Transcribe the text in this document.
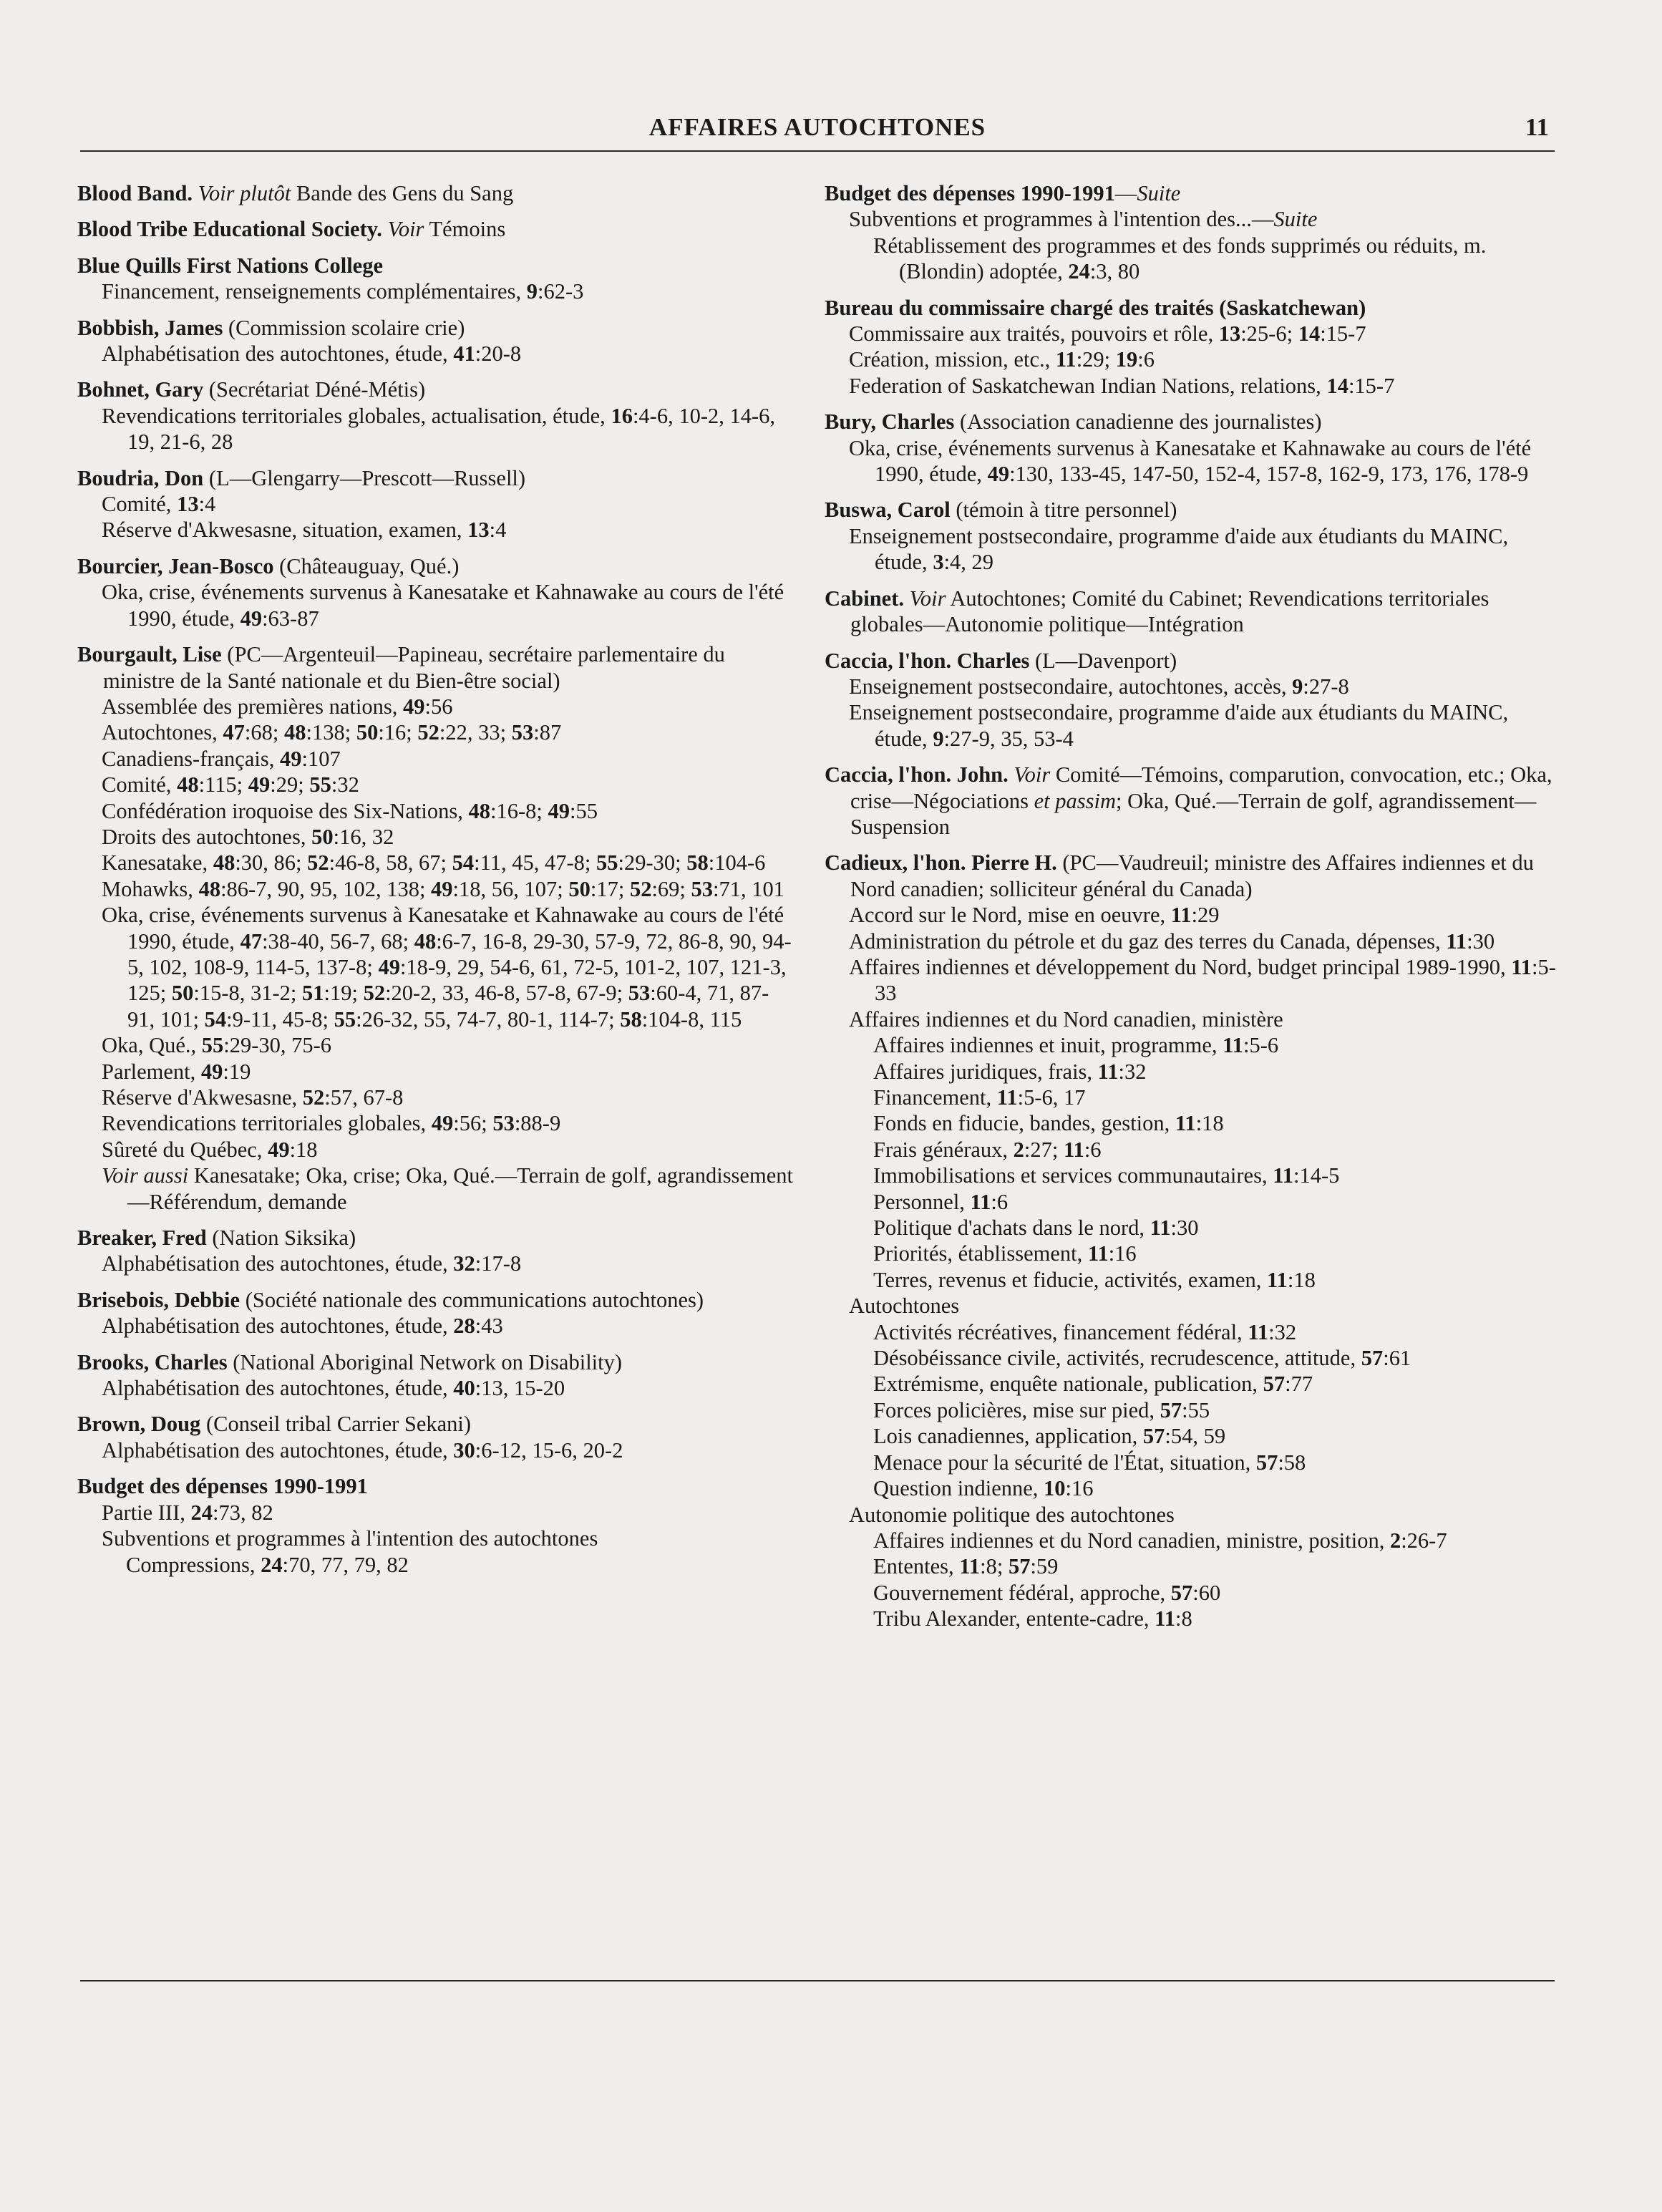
AFFAIRES AUTOCHTONES	11
Blood Band. Voir plutôt Bande des Gens du Sang
Blood Tribe Educational Society. Voir Témoins
Blue Quills First Nations College
Financement, renseignements complémentaires, 9:62-3
Bobbish, James (Commission scolaire crie)
Alphabétisation des autochtones, étude, 41:20-8
Bohnet, Gary (Secrétariat Déné-Métis)
Revendications territoriales globales, actualisation, étude, 16:4-6, 10-2, 14-6, 19, 21-6, 28
Boudria, Don (L—Glengarry—Prescott—Russell)
Comité, 13:4
Réserve d'Akwesasne, situation, examen, 13:4
Bourcier, Jean-Bosco (Châteauguay, Qué.)
Oka, crise, événements survenus à Kanesatake et Kahnawake au cours de l'été 1990, étude, 49:63-87
Bourgault, Lise (PC—Argenteuil—Papineau, secrétaire parlementaire du ministre de la Santé nationale et du Bien-être social)
Assemblée des premières nations, 49:56
Autochtones, 47:68; 48:138; 50:16; 52:22, 33; 53:87
Canadiens-français, 49:107
Comité, 48:115; 49:29; 55:32
Confédération iroquoise des Six-Nations, 48:16-8; 49:55
Droits des autochtones, 50:16, 32
Kanesatake, 48:30, 86; 52:46-8, 58, 67; 54:11, 45, 47-8; 55:29-30; 58:104-6
Mohawks, 48:86-7, 90, 95, 102, 138; 49:18, 56, 107; 50:17; 52:69; 53:71, 101
Oka, crise, événements survenus à Kanesatake et Kahnawake au cours de l'été 1990, étude, 47:38-40, 56-7, 68; 48:6-7, 16-8, 29-30, 57-9, 72, 86-8, 90, 94-5, 102, 108-9, 114-5, 137-8; 49:18-9, 29, 54-6, 61, 72-5, 101-2, 107, 121-3, 125; 50:15-8, 31-2; 51:19; 52:20-2, 33, 46-8, 57-8, 67-9; 53:60-4, 71, 87-91, 101; 54:9-11, 45-8; 55:26-32, 55, 74-7, 80-1, 114-7; 58:104-8, 115
Oka, Qué., 55:29-30, 75-6
Parlement, 49:19
Réserve d'Akwesasne, 52:57, 67-8
Revendications territoriales globales, 49:56; 53:88-9
Sûreté du Québec, 49:18
Voir aussi Kanesatake; Oka, crise; Oka, Qué.—Terrain de golf, agrandissement—Référendum, demande
Breaker, Fred (Nation Siksika)
Alphabétisation des autochtones, étude, 32:17-8
Brisebois, Debbie (Société nationale des communications autochtones)
Alphabétisation des autochtones, étude, 28:43
Brooks, Charles (National Aboriginal Network on Disability)
Alphabétisation des autochtones, étude, 40:13, 15-20
Brown, Doug (Conseil tribal Carrier Sekani)
Alphabétisation des autochtones, étude, 30:6-12, 15-6, 20-2
Budget des dépenses 1990-1991
Partie III, 24:73, 82
Subventions et programmes à l'intention des autochtones
Compressions, 24:70, 77, 79, 82
Budget des dépenses 1990-1991—Suite
Subventions et programmes à l'intention des...—Suite
Rétablissement des programmes et des fonds supprimés ou réduits, m. (Blondin) adoptée, 24:3, 80
Bureau du commissaire chargé des traités (Saskatchewan)
Commissaire aux traités, pouvoirs et rôle, 13:25-6; 14:15-7
Création, mission, etc., 11:29; 19:6
Federation of Saskatchewan Indian Nations, relations, 14:15-7
Bury, Charles (Association canadienne des journalistes)
Oka, crise, événements survenus à Kanesatake et Kahnawake au cours de l'été 1990, étude, 49:130, 133-45, 147-50, 152-4, 157-8, 162-9, 173, 176, 178-9
Buswa, Carol (témoin à titre personnel)
Enseignement postsecondaire, programme d'aide aux étudiants du MAINC, étude, 3:4, 29
Cabinet. Voir Autochtones; Comité du Cabinet; Revendications territoriales globales—Autonomie politique—Intégration
Caccia, l'hon. Charles (L—Davenport)
Enseignement postsecondaire, autochtones, accès, 9:27-8
Enseignement postsecondaire, programme d'aide aux étudiants du MAINC, étude, 9:27-9, 35, 53-4
Caccia, l'hon. John. Voir Comité—Témoins, comparution, convocation, etc.; Oka, crise—Négociations et passim; Oka, Qué.—Terrain de golf, agrandissement—Suspension
Cadieux, l'hon. Pierre H. (PC—Vaudreuil; ministre des Affaires indiennes et du Nord canadien; solliciteur général du Canada)
Accord sur le Nord, mise en oeuvre, 11:29
Administration du pétrole et du gaz des terres du Canada, dépenses, 11:30
Affaires indiennes et développement du Nord, budget principal 1989-1990, 11:5-33
Affaires indiennes et du Nord canadien, ministère
Affaires indiennes et inuit, programme, 11:5-6
Affaires juridiques, frais, 11:32
Financement, 11:5-6, 17
Fonds en fiducie, bandes, gestion, 11:18
Frais généraux, 2:27; 11:6
Immobilisations et services communautaires, 11:14-5
Personnel, 11:6
Politique d'achats dans le nord, 11:30
Priorités, établissement, 11:16
Terres, revenus et fiducie, activités, examen, 11:18
Autochtones
Activités récréatives, financement fédéral, 11:32
Désobéissance civile, activités, recrudescence, attitude, 57:61
Extrémisme, enquête nationale, publication, 57:77
Forces policières, mise sur pied, 57:55
Lois canadiennes, application, 57:54, 59
Menace pour la sécurité de l'État, situation, 57:58
Question indienne, 10:16
Autonomie politique des autochtones
Affaires indiennes et du Nord canadien, ministre, position, 2:26-7
Ententes, 11:8; 57:59
Gouvernement fédéral, approche, 57:60
Tribu Alexander, entente-cadre, 11:8
